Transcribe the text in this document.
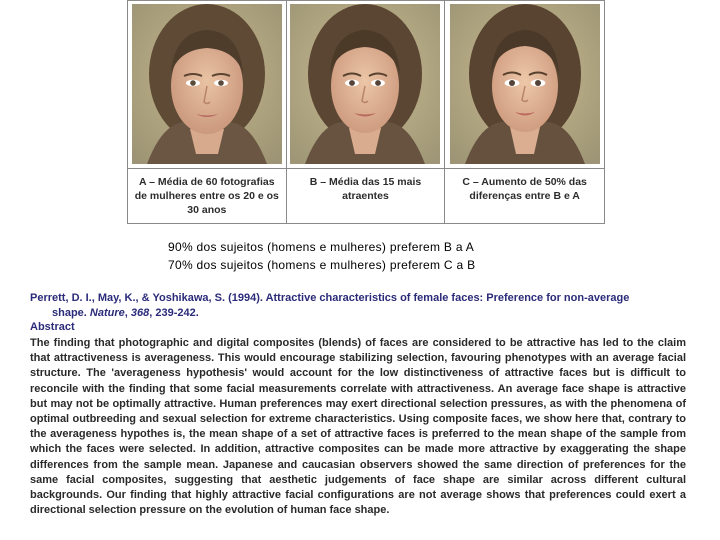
A – Média de 60 fotografias de mulheres entre os 20 e os 30 anos
B – Média das 15 mais atraentes
C – Aumento de 50% das diferenças entre B e A
90% dos sujeitos (homens e mulheres) preferem B a A
70% dos sujeitos (homens e mulheres) preferem C a B
Perrett, D. I., May, K., & Yoshikawa, S. (1994). Attractive characteristics of female faces: Preference for non-average
shape. Nature, 368, 239-242.
Abstract
The finding that photographic and digital composites (blends) of faces are considered to be attractive has led to the claim that attractiveness is averageness. This would encourage stabilizing selection, favouring phenotypes with an average facial structure. The 'averageness hypothesis' would account for the low distinctiveness of attractive faces but is difficult to reconcile with the finding that some facial measurements correlate with attractiveness. An average face shape is attractive but may not be optimally attractive. Human preferences may exert directional selection pressures, as with the phenomena of optimal outbreeding and sexual selection for extreme characteristics. Using composite faces, we show here that, contrary to the averageness hypothes is, the mean shape of a set of attractive faces is preferred to the mean shape of the sample from which the faces were selected. In addition, attractive composites can be made more attractive by exaggerating the shape differences from the sample mean. Japanese and caucasian observers showed the same direction of preferences for the same facial composites, suggesting that aesthetic judgements of face shape are similar across different cultural backgrounds. Our finding that highly attractive facial configurations are not average shows that preferences could exert a directional selection pressure on the evolution of human face shape.
